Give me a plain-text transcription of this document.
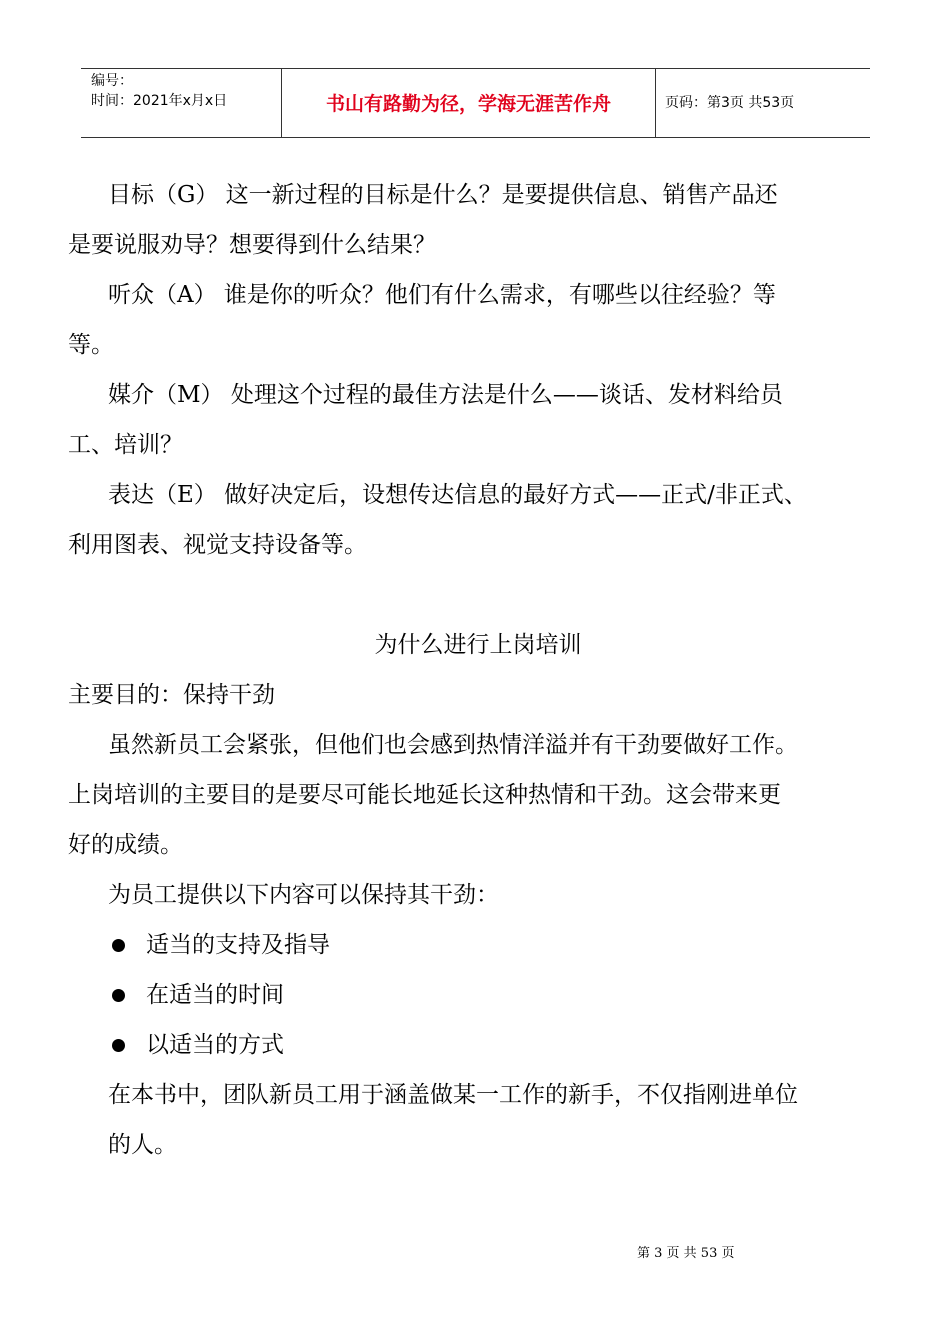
编号：
时间：2021年x月x日	书山有路勤为径，学海无涯苦作舟	页码：第3页 共53页

目标（G） 这一新过程的目标是什么？是要提供信息、销售产品还

是要说服劝导？想要得到什么结果？

听众（A） 谁是你的听众？他们有什么需求，有哪些以往经验？等

等。

媒介（M） 处理这个过程的最佳方法是什么——谈话、发材料给员

工、培训？

表达（E） 做好决定后，设想传达信息的最好方式——正式/非正式、

利用图表、视觉支持设备等。

为什么进行上岗培训

主要目的：保持干劲

虽然新员工会紧张，但他们也会感到热情洋溢并有干劲要做好工作。

上岗培训的主要目的是要尽可能长地延长这种热情和干劲。这会带来更

好的成绩。

为员工提供以下内容可以保持其干劲：

适当的支持及指导
在适当的时间
以适当的方式

在本书中，团队新员工用于涵盖做某一工作的新手，不仅指刚进单位

的人。

第 3 页 共 53 页
